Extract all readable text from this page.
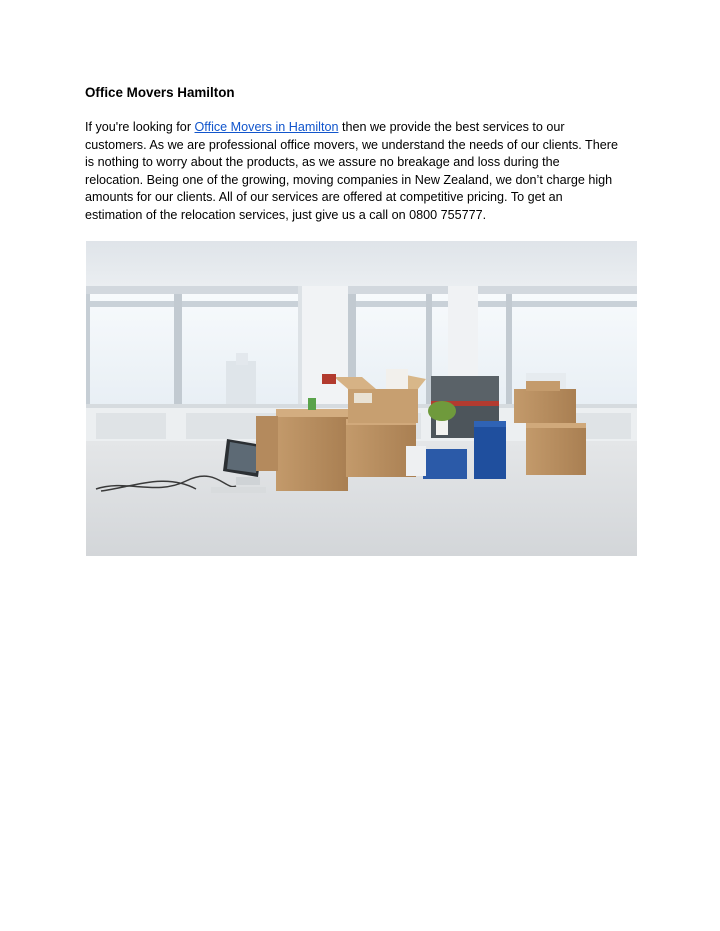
Office Movers Hamilton

If you're looking for Office Movers in Hamilton then we provide the best services to our
customers. As we are professional office movers, we understand the needs of our clients. There
is nothing to worry about the products, as we assure no breakage and loss during the
relocation. Being one of the growing, moving companies in New Zealand, we don’t charge high
amounts for our clients. All of our services are offered at competitive pricing. To get an
estimation of the relocation services, just give us a call on 0800 755777.
